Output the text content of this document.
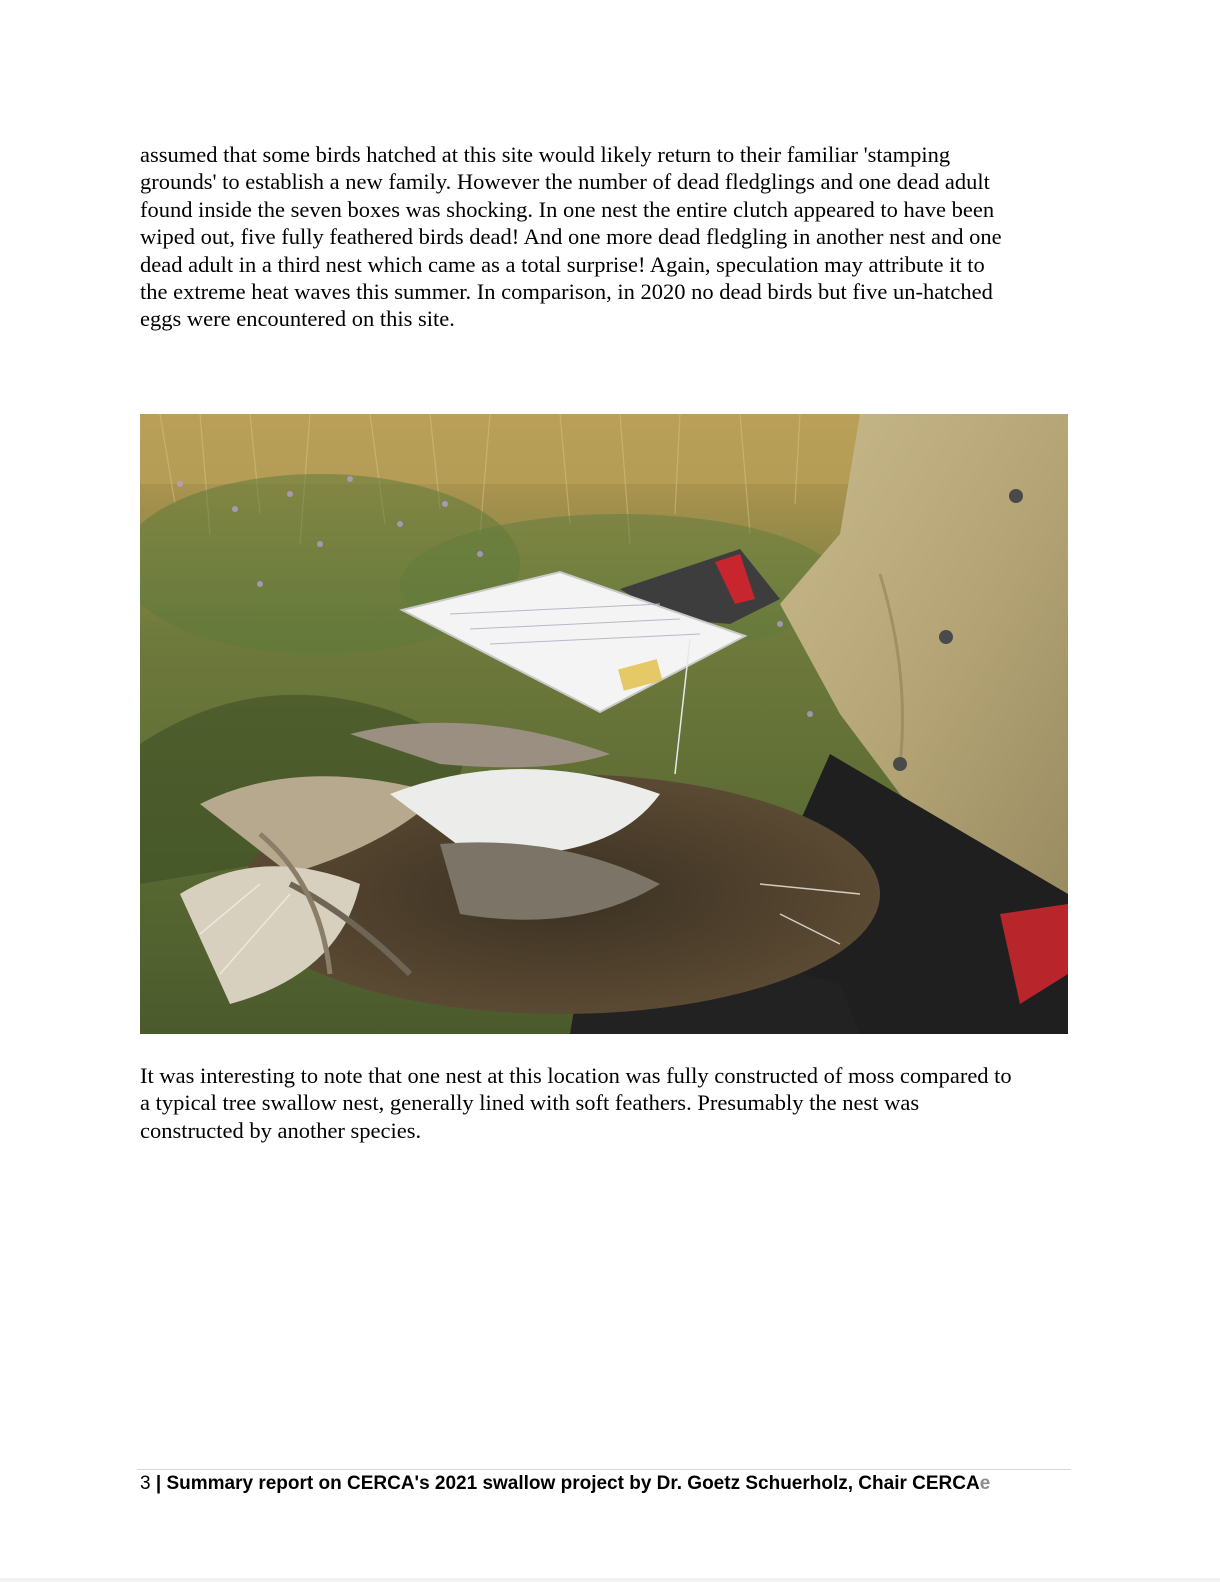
assumed that some birds hatched at this site would likely return to their familiar 'stamping
grounds' to establish a new family. However the number of dead fledglings and one dead adult
found inside the seven boxes was shocking. In one nest the entire clutch appeared to have been
wiped out, five fully feathered birds dead! And one more dead fledgling in another nest and one
dead adult in a third nest which came as a total surprise! Again, speculation may attribute it to
the extreme heat waves this summer. In comparison, in 2020 no dead birds but five un-hatched
eggs were encountered on this site.
It was interesting to note that one nest at this location was fully constructed of moss compared to
a typical tree swallow nest, generally lined with soft feathers. Presumably the nest was
constructed by another species.
3 | Summary report on CERCA's 2021 swallow project by Dr. Goetz Schuerholz, Chair CERCAe
